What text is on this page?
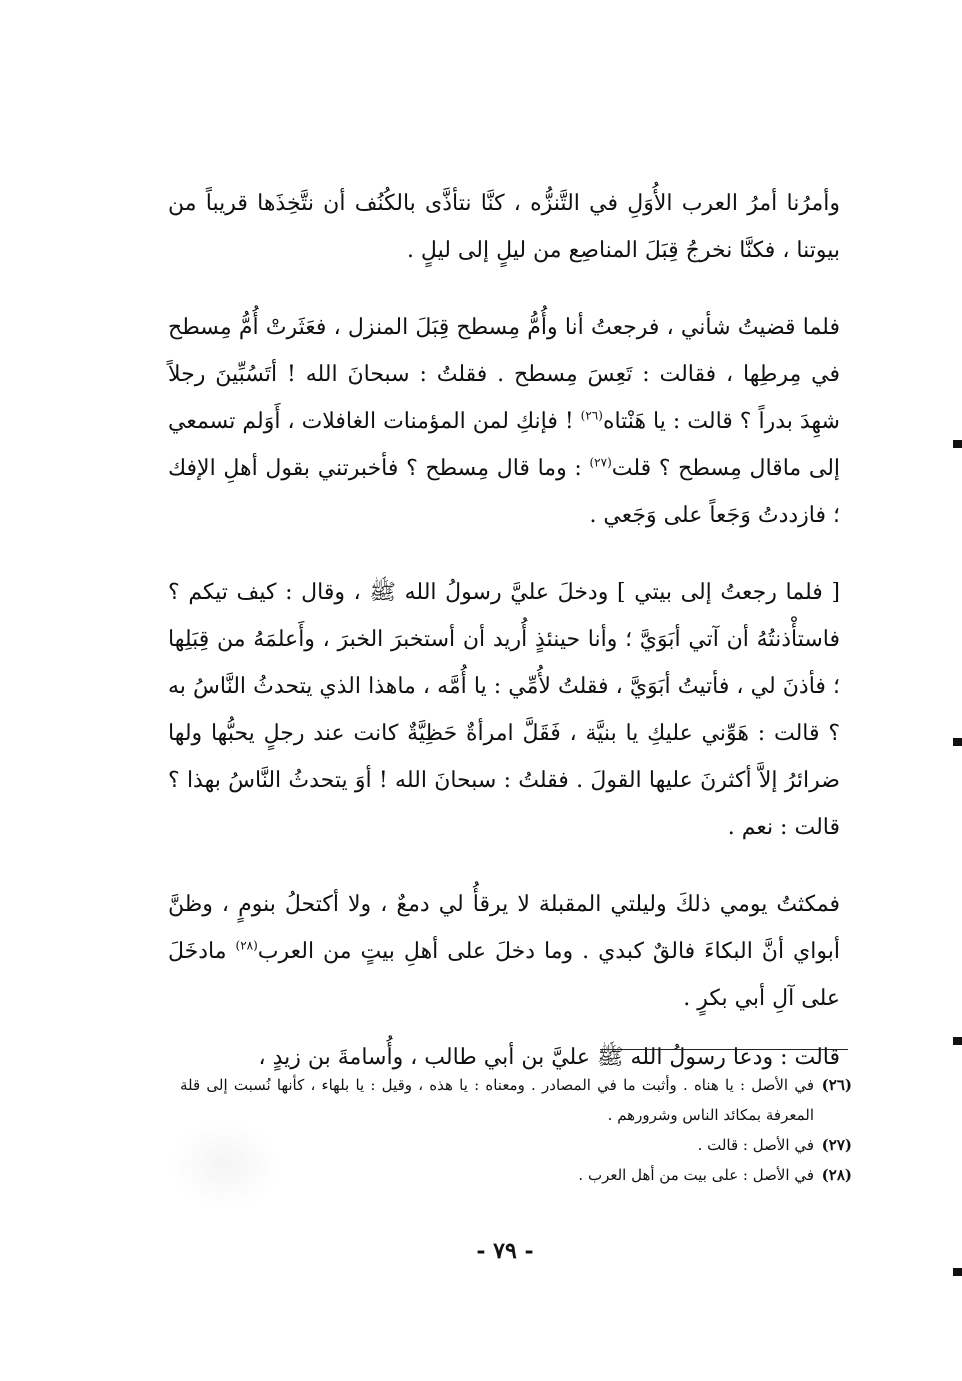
وأمرُنا أمرُ العرب الأُوَلِ في التَّنزُّه ، كنَّا نتأذَّى بالكُنُف أن نتَّخِذَها قريباً من بيوتنا ، فكنَّا نخرجُ قِبَلَ المناصِع من ليلٍ إلى ليلٍ .

فلما قضيتُ شأني ، فرجعتُ أنا وأُمُّ مِسطح قِبَلَ المنزل ، فعَثَرتْ أُمُّ مِسطح في مِرطِها ، فقالت : تَعِسَ مِسطح . فقلتُ : سبحانَ الله ! أتَسُبِّينَ رجلاً شهِدَ بدراً ؟ قالت : يا هَنْتاه$^{(٢٦)}$ ! فإنكِ لمن المؤمنات الغافلات ، أَوَلم تسمعي إلى ماقال مِسطح ؟ قلت$^{(٢٧)}$ : وما قال مِسطح ؟ فأخبرتني بقول أهلِ الإفك ؛ فازددتُ وَجَعاً على وَجَعي .

[ فلما رجعتُ إلى بيتي ] ودخلَ عليَّ رسولُ الله ﷺ ، وقال : كيف تيكم ؟ فاستأْذنتُهُ أن آتي أبَوَيَّ ؛ وأنا حينئذٍ أُريد أن أستخبرَ الخبرَ ، وأَعلمَهُ من قِبَلِها ؛ فأذنَ لي ، فأتيتُ أبَوَيَّ ، فقلتُ لأُمِّي : يا أُمَّه ، ماهذا الذي يتحدثُ النَّاسُ به ؟ قالت : هَوِّني عليكِ يا بنيَّة ، فَقَلَّ امرأةٌ حَظِيَّةٌ كانت عند رجلٍ يحبُّها ولها ضرائرُ إلاَّ أكثرنَ عليها القولَ . فقلتُ : سبحانَ الله ! أوَ يتحدثُ النَّاسُ بهذا ؟ قالت : نعم .

فمكثتُ يومي ذلكَ وليلتي المقبلة لا يرقأُ لي دمعٌ ، ولا أكتحلُ بنومٍ ، وظنَّ أبواي أنَّ البكاءَ فالقٌ كبدي . وما دخلَ على أهلِ بيتٍ من العرب$^{(٢٨)}$ مادخَلَ على آلِ أبي بكرٍ .

قالت : ودعا رسولُ الله ﷺ عليَّ بن أبي طالب ، وأُسامةَ بن زيدٍ ،

(٢٦)
في الأصل : يا هناه . وأثبت ما في المصادر . ومعناه : يا هذه ، وقيل : يا بلهاء ، كأنها نُسبت إلى قلة المعرفة بمكائد الناس وشرورهم .
(٢٧)
في الأصل : قالت .
(٢٨)
في الأصل : على بيت من أهل العرب .
- ٧٩ -
